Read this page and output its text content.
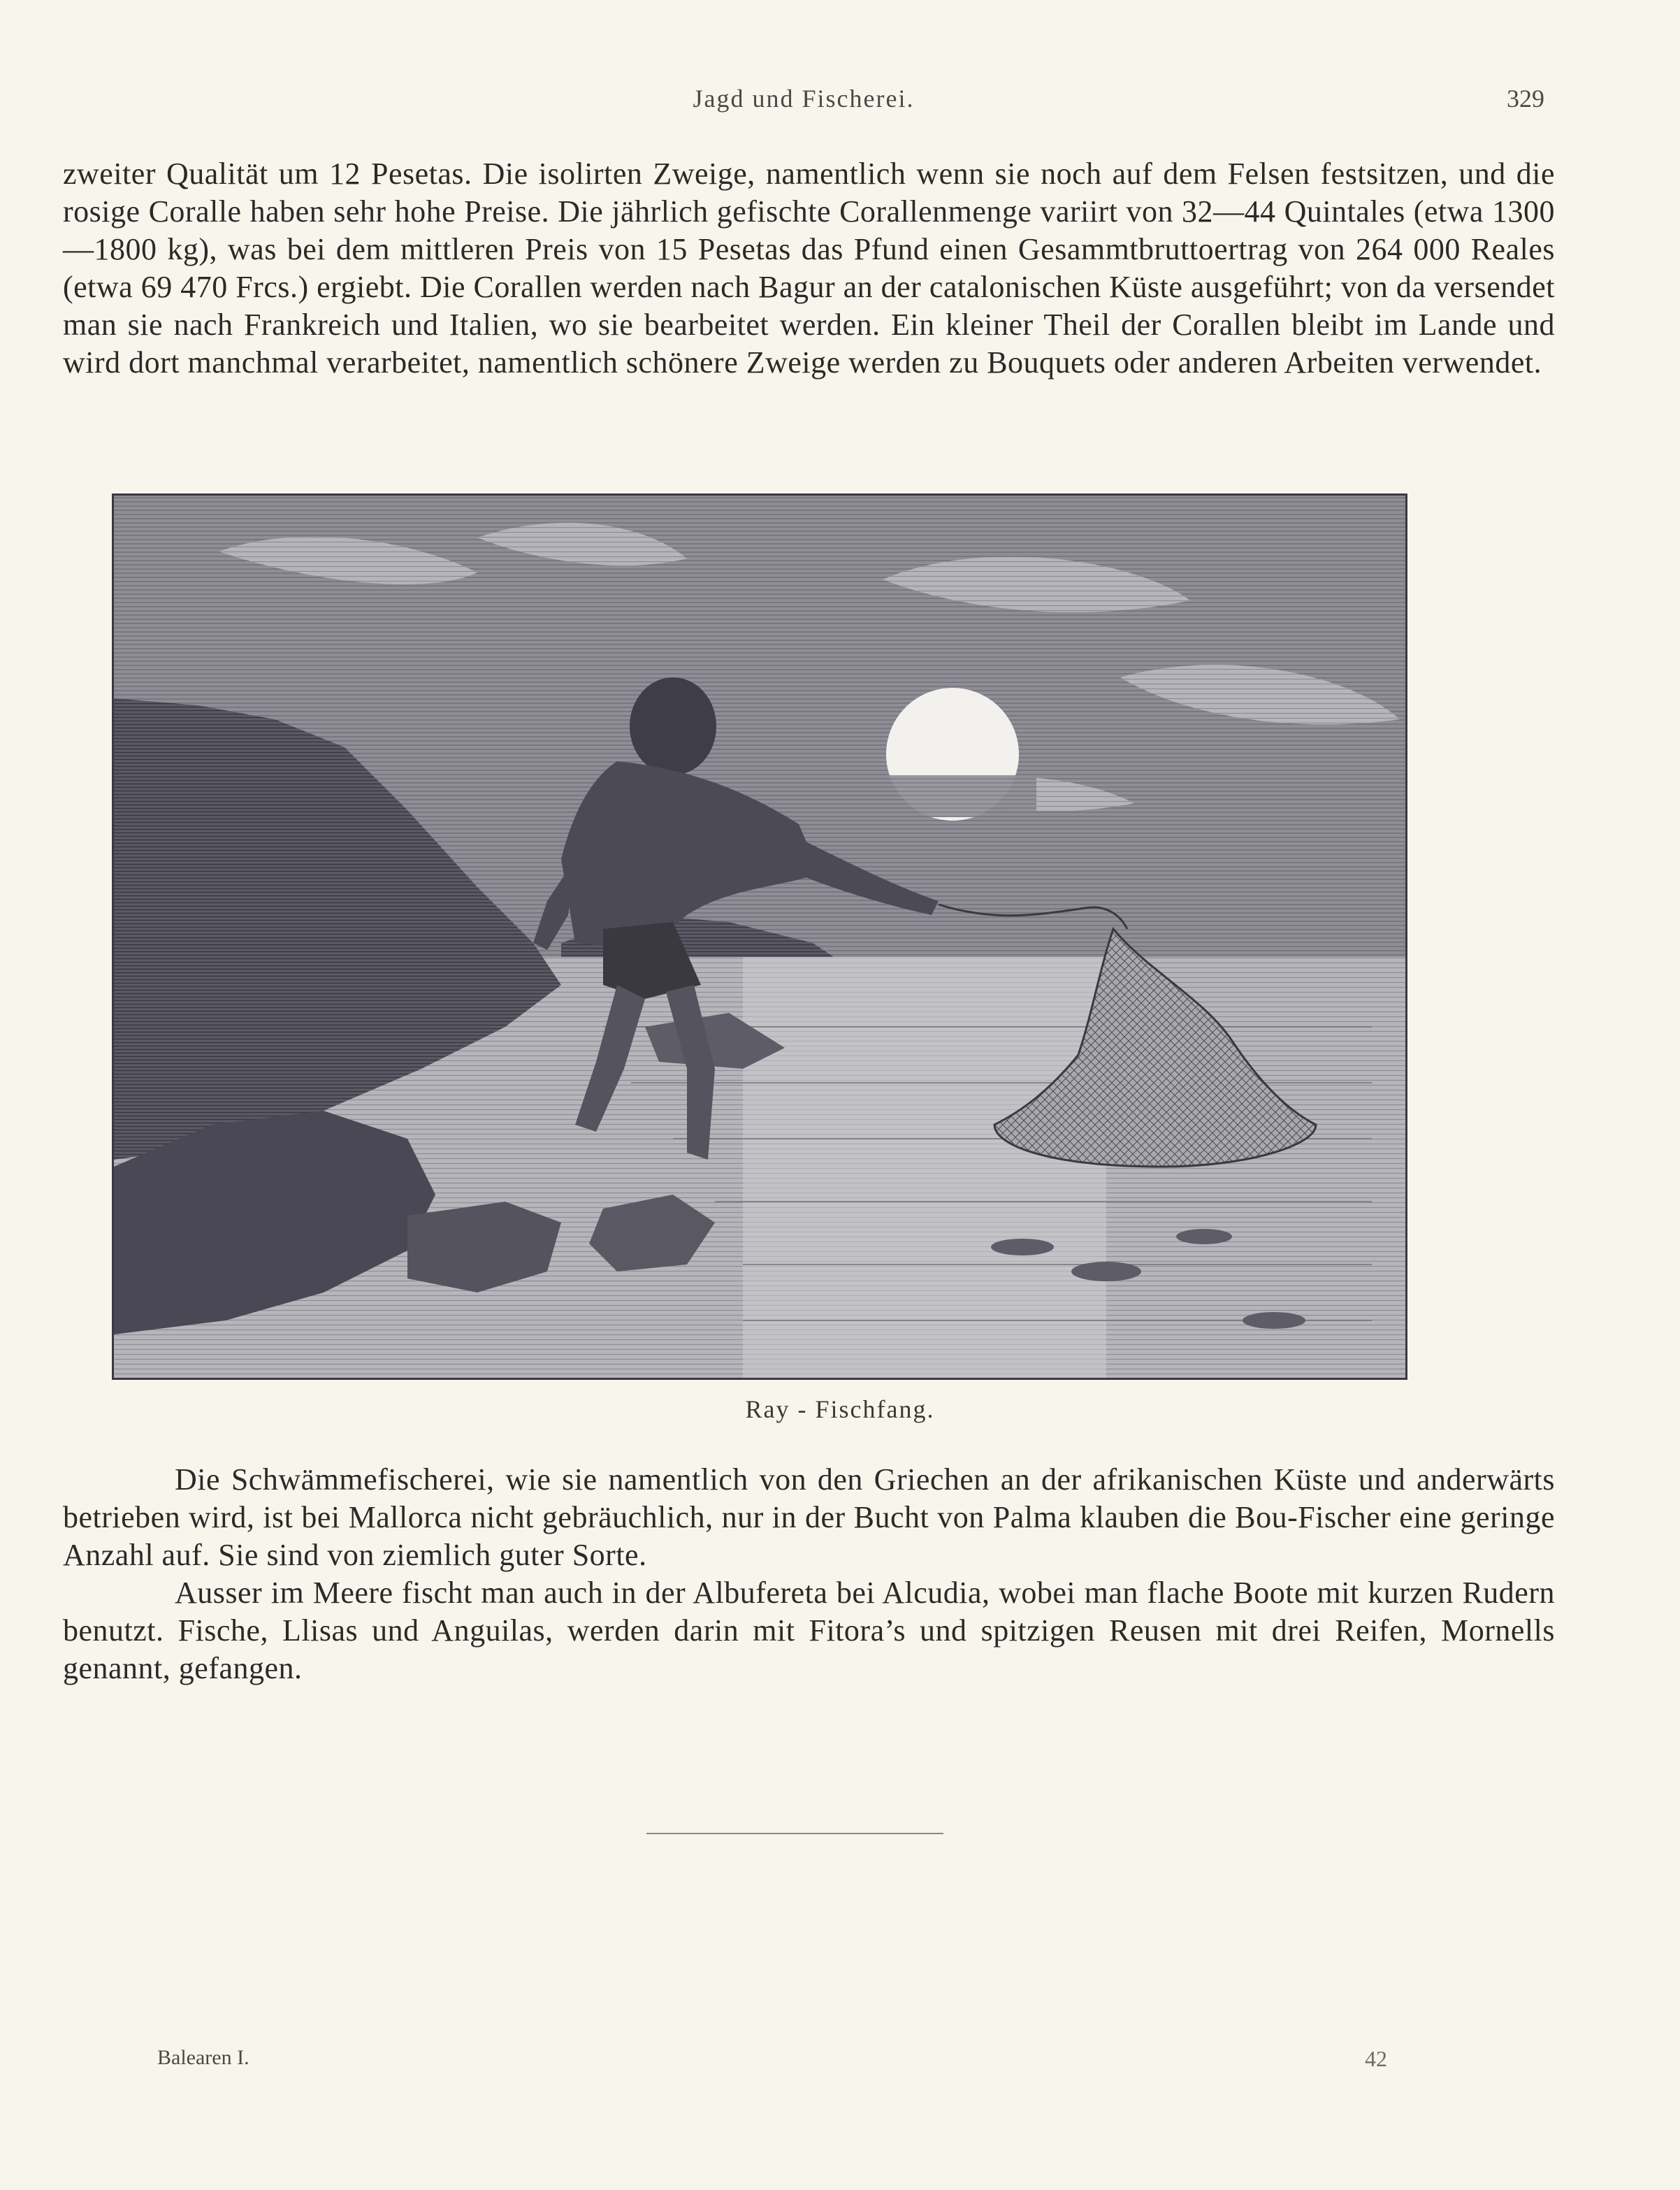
Jagd und Fischerei.	329

zweiter Qualität um 12 Pesetas. Die isolirten Zweige, namentlich wenn sie noch auf dem Felsen festsitzen, und die rosige Coralle haben sehr hohe Preise. Die jährlich gefischte Corallenmenge variirt von 32—44 Quintales (etwa 1300—1800 kg), was bei dem mittleren Preis von 15 Pesetas das Pfund einen Gesammtbruttoertrag von 264 000 Reales (etwa 69 470 Frcs.) ergiebt. Die Corallen werden nach Bagur an der catalonischen Küste ausgeführt; von da versendet man sie nach Frankreich und Italien, wo sie bearbeitet werden. Ein kleiner Theil der Corallen bleibt im Lande und wird dort manchmal verarbeitet, namentlich schönere Zweige werden zu Bouquets oder anderen Arbeiten verwendet.

Ray - Fischfang.

Die Schwämmefischerei, wie sie namentlich von den Griechen an der afrikanischen Küste und anderwärts betrieben wird, ist bei Mallorca nicht gebräuchlich, nur in der Bucht von Palma klauben die Bou-Fischer eine geringe Anzahl auf. Sie sind von ziemlich guter Sorte.

Ausser im Meere fischt man auch in der Albufereta bei Alcudia, wobei man flache Boote mit kurzen Rudern benutzt. Fische, Llisas und Anguilas, werden darin mit Fitora’s und spitzigen Reusen mit drei Reifen, Mornells genannt, gefangen.

Balearen I.	42
